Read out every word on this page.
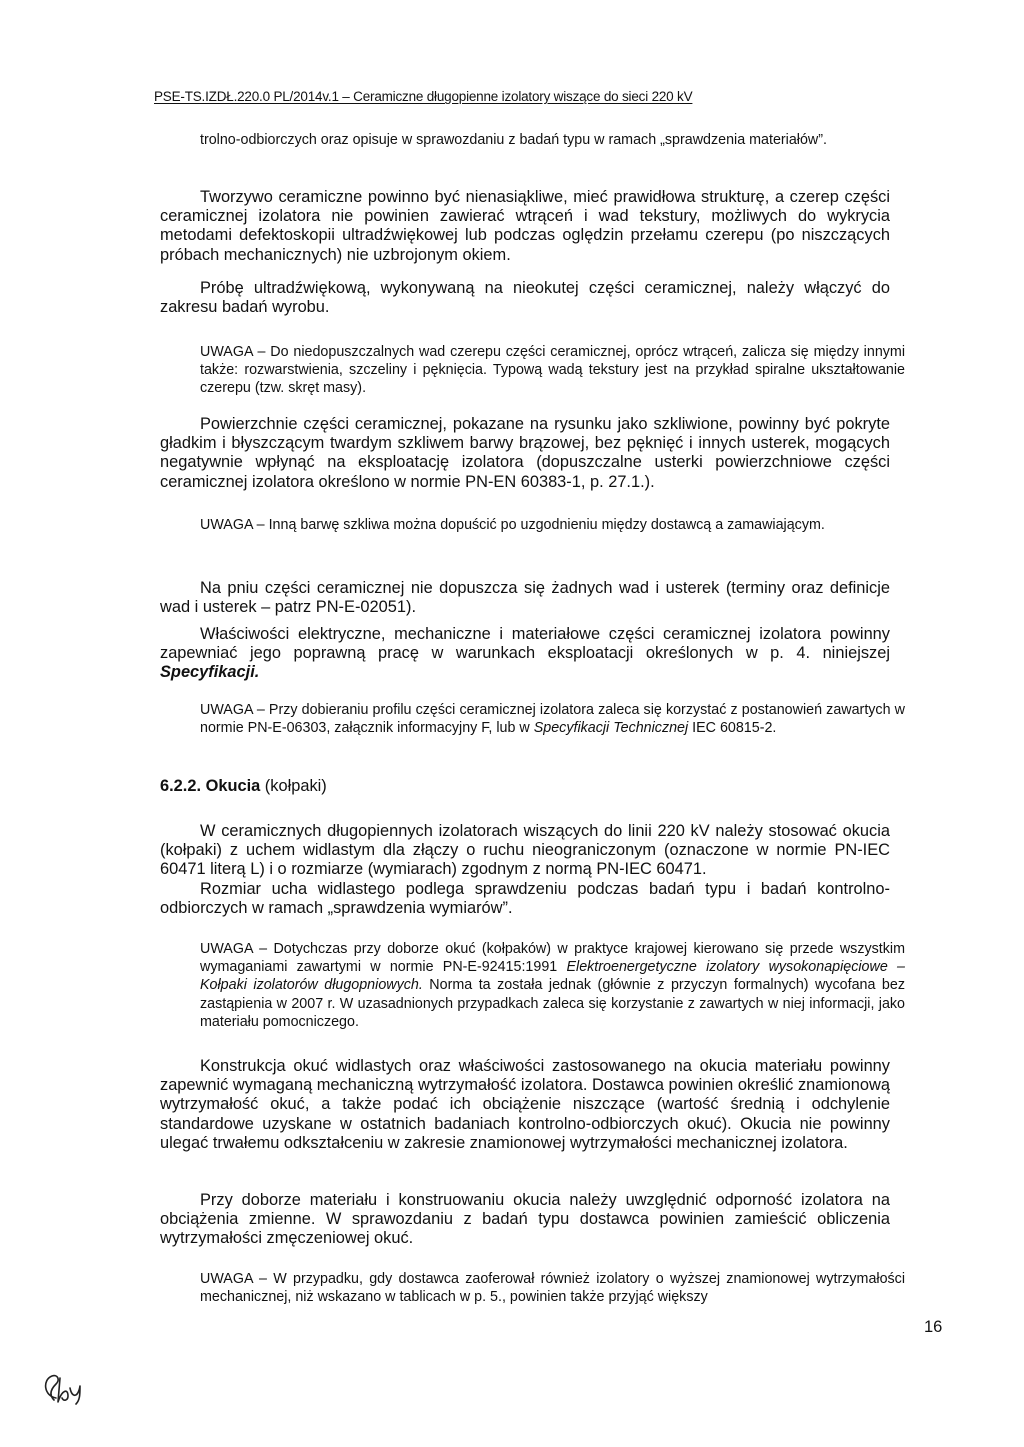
PSE-TS.IZDŁ.220.0 PL/2014v.1 – Ceramiczne długopienne izolatory wiszące do sieci 220 kV

trolno-odbiorczych oraz opisuje w sprawozdaniu z badań typu w ramach „sprawdzenia materiałów”.

Tworzywo ceramiczne powinno być nienasiąkliwe, mieć prawidłowa strukturę, a czerep części ceramicznej izolatora nie powinien zawierać wtrąceń i wad tekstury, możliwych do wykrycia metodami defektoskopii ultradźwiękowej lub podczas oględzin przełamu czerepu (po niszczących próbach mechanicznych) nie uzbrojonym okiem.

Próbę ultradźwiękową, wykonywaną na nieokutej części ceramicznej, należy włączyć do zakresu badań wyrobu.

UWAGA – Do niedopuszczalnych wad czerepu części ceramicznej, oprócz wtrąceń, zalicza się między innymi także: rozwarstwienia, szczeliny i pęknięcia. Typową wadą tekstury jest na przykład spiralne ukształtowanie czerepu (tzw. skręt masy).

Powierzchnie części ceramicznej, pokazane na rysunku jako szkliwione, powinny być pokryte gładkim i błyszczącym twardym szkliwem barwy brązowej, bez pęknięć i innych usterek, mogących negatywnie wpłynąć na eksploatację izolatora (dopuszczalne usterki powierzchniowe części ceramicznej izolatora określono w normie PN-EN 60383-1, p. 27.1.).

UWAGA – Inną barwę szkliwa można dopuścić po uzgodnieniu między dostawcą a zamawiającym.

Na pniu części ceramicznej nie dopuszcza się żadnych wad i usterek (terminy oraz definicje wad i usterek – patrz PN-E-02051).

Właściwości elektryczne, mechaniczne i materiałowe części ceramicznej izolatora powinny zapewniać jego poprawną pracę w warunkach eksploatacji określonych w p. 4. niniejszej Specyfikacji.

UWAGA – Przy dobieraniu profilu części ceramicznej izolatora zaleca się korzystać z postanowień zawartych w normie PN-E-06303, załącznik informacyjny F, lub w Specyfikacji Technicznej IEC 60815-2.

6.2.2. Okucia (kołpaki)

W ceramicznych długopiennych izolatorach wiszących do linii 220 kV należy stosować okucia (kołpaki) z uchem widlastym dla złączy o ruchu nieograniczonym (oznaczone w normie PN-IEC 60471 literą L) i o rozmiarze (wymiarach) zgodnym z normą PN-IEC 60471.

Rozmiar ucha widlastego podlega sprawdzeniu podczas badań typu i badań kontrolno-odbiorczych w ramach „sprawdzenia wymiarów”.

UWAGA – Dotychczas przy doborze okuć (kołpaków) w praktyce krajowej kierowano się przede wszystkim wymaganiami zawartymi w normie PN-E-92415:1991 Elektroenergetyczne izolatory wysokonapięciowe – Kołpaki izolatorów długopniowych. Norma ta została jednak (głównie z przyczyn formalnych) wycofana bez zastąpienia w 2007 r. W uzasadnionych przypadkach zaleca się korzystanie z zawartych w niej informacji, jako materiału pomocniczego.

Konstrukcja okuć widlastych oraz właściwości zastosowanego na okucia materiału powinny zapewnić wymaganą mechaniczną wytrzymałość izolatora. Dostawca powinien określić znamionową wytrzymałość okuć, a także podać ich obciążenie niszczące (wartość średnią i odchylenie standardowe uzyskane w ostatnich badaniach kontrolno-odbiorczych okuć). Okucia nie powinny ulegać trwałemu odkształceniu w zakresie znamionowej wytrzymałości mechanicznej izolatora.

Przy doborze materiału i konstruowaniu okucia należy uwzględnić odporność izolatora na obciążenia zmienne. W sprawozdaniu z badań typu dostawca powinien zamieścić obliczenia wytrzymałości zmęczeniowej okuć.

UWAGA – W przypadku, gdy dostawca zaoferował również izolatory o wyższej znamionowej wytrzymałości mechanicznej, niż wskazano w tablicach w p. 5., powinien także przyjąć większy

16
